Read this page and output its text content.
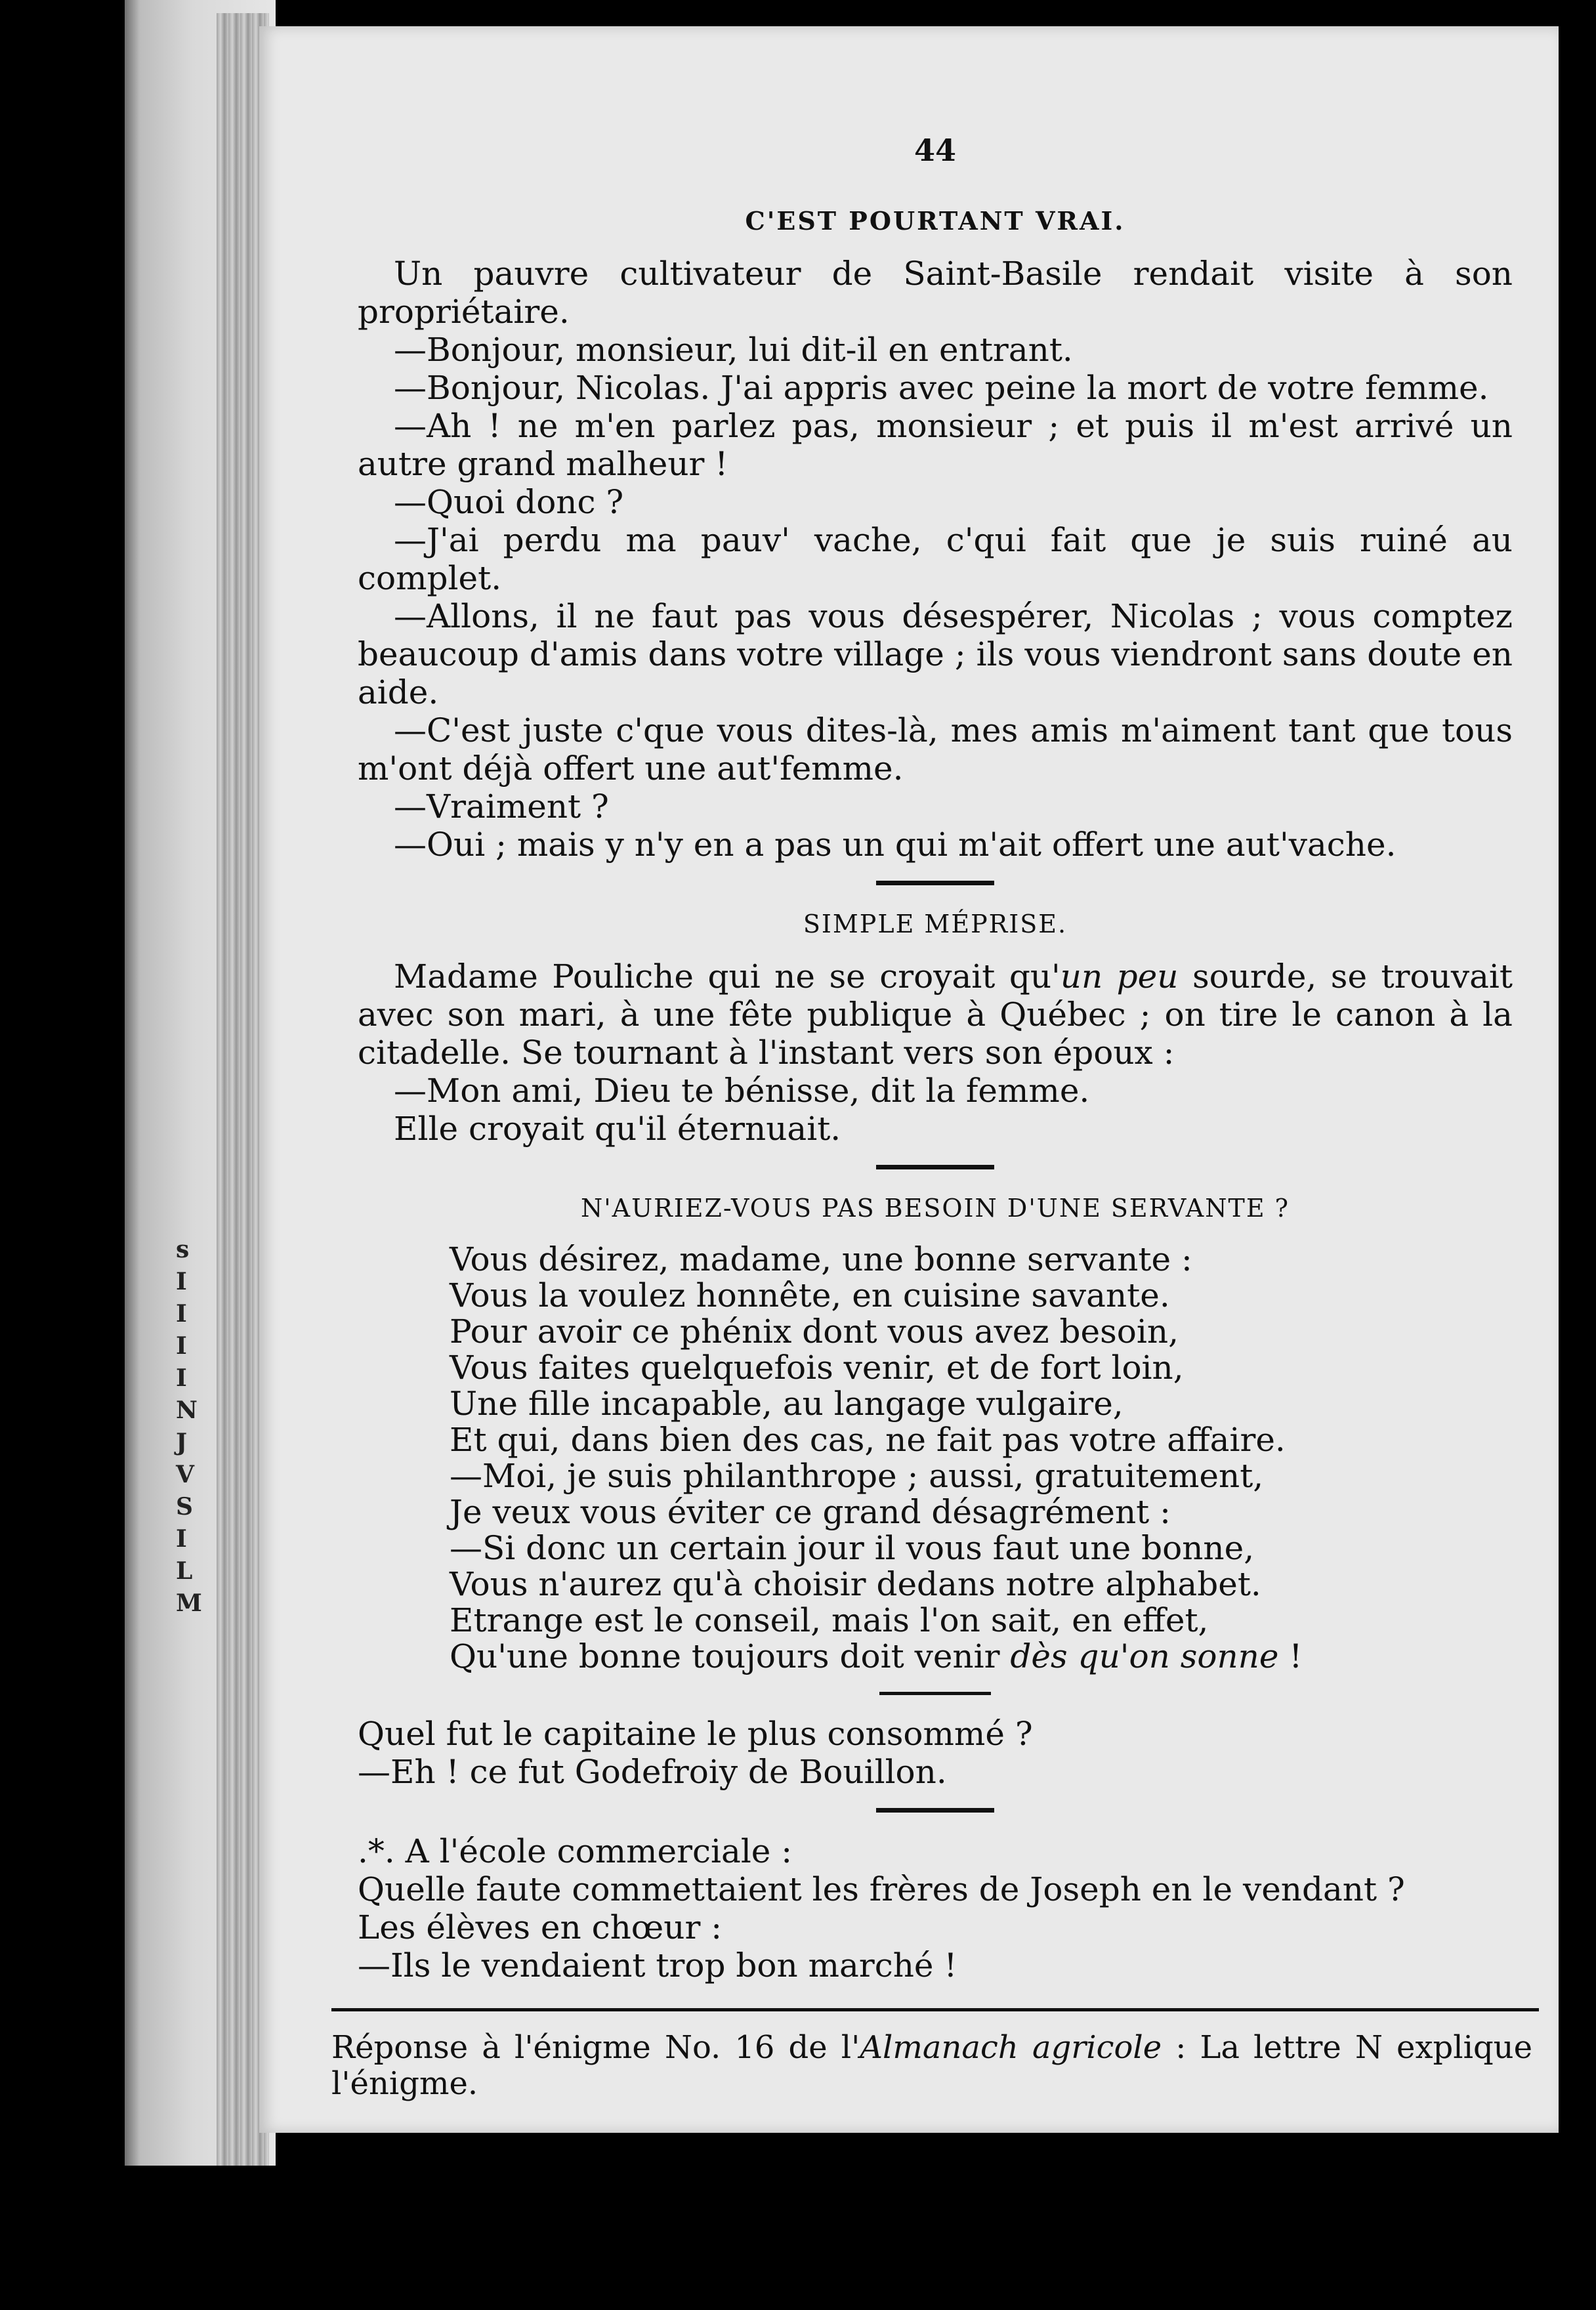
s
I
I
I
I
N
J
V
S
I
L
M
44
C'EST POURTANT VRAI.

Un pauvre cultivateur de Saint-Basile rendait visite à son propriétaire.

—Bonjour, monsieur, lui dit-il en entrant.

—Bonjour, Nicolas. J'ai appris avec peine la mort de votre femme.

—Ah ! ne m'en parlez pas, monsieur ; et puis il m'est arrivé un autre grand malheur !

—Quoi donc ?

—J'ai perdu ma pauv' vache, c'qui fait que je suis ruiné au complet.

—Allons, il ne faut pas vous désespérer, Nicolas ; vous comptez beaucoup d'amis dans votre village ; ils vous viendront sans doute en aide.

—C'est juste c'que vous dites-là, mes amis m'aiment tant que tous m'ont déjà offert une aut'femme.

—Vraiment ?

—Oui ; mais y n'y en a pas un qui m'ait offert une aut'vache.

SIMPLE MÉPRISE.

Madame Pouliche qui ne se croyait qu'un peu sourde, se trouvait avec son mari, à une fête publique à Québec ; on tire le canon à la citadelle. Se tournant à l'instant vers son époux :

—Mon ami, Dieu te bénisse, dit la femme.

Elle croyait qu'il éternuait.

N'AURIEZ-VOUS PAS BESOIN D'UNE SERVANTE ?
Vous désirez, madame, une bonne servante :
Vous la voulez honnête, en cuisine savante.
Pour avoir ce phénix dont vous avez besoin,
Vous faites quelquefois venir, et de fort loin,
Une fille incapable, au langage vulgaire,
Et qui, dans bien des cas, ne fait pas votre affaire.
—Moi, je suis philanthrope ; aussi, gratuitement,
Je veux vous éviter ce grand désagrément :
—Si donc un certain jour il vous faut une bonne,
Vous n'aurez qu'à choisir dedans notre alphabet.
Etrange est le conseil, mais l'on sait, en effet,
Qu'une bonne toujours doit venir dès qu'on sonne !

Quel fut le capitaine le plus consommé ?

—Eh ! ce fut Godefroiy de Bouillon.

.*. A l'école commerciale :

Quelle faute commettaient les frères de Joseph en le vendant ?

Les élèves en chœur :

—Ils le vendaient trop bon marché !

Réponse à l'énigme No. 16 de l'Almanach agricole : La lettre N explique l'énigme.
